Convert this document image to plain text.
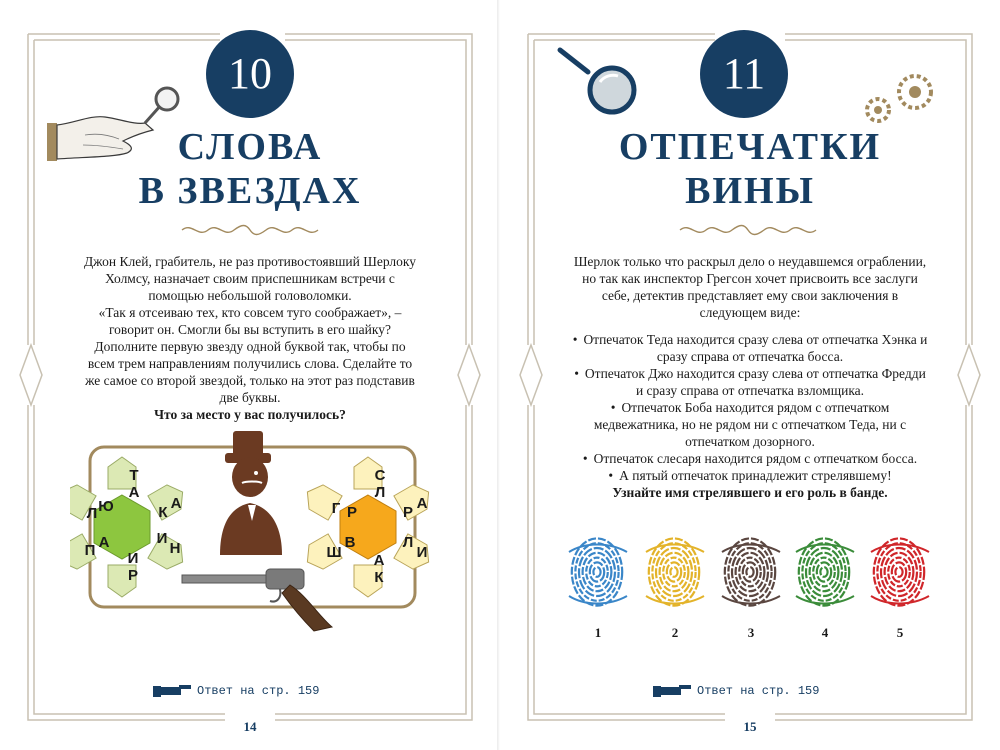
10
СЛОВА
В ЗВЕЗДАХ
Джон Клей, грабитель, не раз противостоявший Шерлоку Холмсу, назначает своим приспешникам встречи с помощью небольшой головоломки.
«Так я отсеиваю тех, кто совсем туго соображает», – говорит он. Смогли бы вы вступить в его шайку? Дополните первую звезду одной буквой так, чтобы по всем трем направлениям получились слова. Сделайте то же самое со второй звездой, только на этот раз подставив две буквы.
Что за место у вас получилось?
Т
А
К
А
И
Н
И
Р
П А
Л Ю
С
Л
Р
А
Л
И
А
К
Ш
В
Г Р
Ответ на стр. 159
14
11
ОТПЕЧАТКИ
ВИНЫ
Шерлок только что раскрыл дело о неудавшемся ограблении, но так как инспектор Грегсон хочет присвоить все заслуги себе, детектив представляет ему свои заключения в следующем виде:
• Отпечаток Теда находится сразу слева от отпечатка Хэнка и сразу справа от отпечатка босса.
• Отпечаток Джо находится сразу слева от отпечатка Фредди и сразу справа от отпечатка взломщика.
• Отпечаток Боба находится рядом с отпечатком медвежатника, но не рядом ни с отпечатком Теда, ни с отпечатком дозорного.
• Отпечаток слесаря находится рядом с отпечатком босса.
• А пятый отпечаток принадлежит стрелявшему!
Узнайте имя стрелявшего и его роль в банде.
1	2	3	4	5
Ответ на стр. 159
15
